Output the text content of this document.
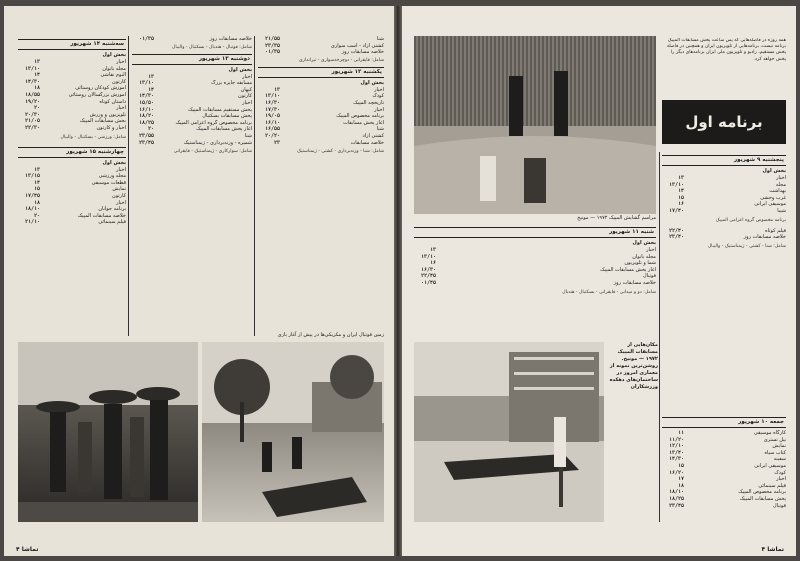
سه‌شنبه ۱۴ شهریور
بخش اول
اخبار
۱۳
مجله بانوان
۱۳/۱۰
آلبوم نقاشی
۱۴
کارتون
۱۴/۳۰
آموزش کودکان روستائی
۱۸
آموزش بزرگسالان روستائی
۱۸/۵۵
داستان کوتاه
۱۹/۲۰
اخبار
۲۰
تلویزیون و ورزش
۲۰/۳۰
بخش مسابقات المپیک
۲۱/۰۵
اخبار و کارتون
۲۲/۳۰
شامل: ورزشی - بسکتبال - والیبال
چهارشنبه ۱۵ شهریور
بخش اول
اخبار
۱۳
مجله ورزشی
۱۳/۱۵
قطعات موسیقی
۱۴
نمایش
۱۵
کارتون
۱۷/۴۵
اخبار
۱۸
برنامه جوانان
۱۸/۱۰
خلاصه مسابقات المپیک
۲۰
فیلم سینمائی
۲۱/۱۰
خلاصه مسابقات روز
۰۱/۳۵
شامل: فوتبال - هندبال - بسکتبال - والیبال
دوشنبه ۱۳ شهریور
بخش اول
اخبار
۱۳
مسابقه جایزه بزرگ
۱۳/۱۰
کیهان
۱۴
کارتون
۱۴/۳۰
اخبار
۱۵/۵۰
پخش مستقیم مسابقات المپیک
۱۶/۱۰
پخش مسابقات بسکتبال
۱۸/۲۰
برنامه مخصوص گروه اعزامی المپیک
۱۸/۲۵
آغاز پخش مسابقات المپیک
۲۰
شنا
۲۳/۵۵
شمیره - وزنه‌برداری - ژیمناستیک
۲۳/۴۵
شامل: سوارکاری - ژیمناستیک - قایقرانی
شنا
۲۱/۵۵
کشتی آزاد - اسب سواری
۲۳/۳۵
خلاصه مسابقات روز
۰۱/۳۵
شامل: قایقرانی - دوچرخه‌سواری - تیراندازی
یکشنبه ۱۲ شهریور
بخش اول
اخبار
۱۳
کودک
۱۳/۱۰
تاریخچه المپیک
۱۶/۳۰
اخبار
۱۷/۳۰
برنامه مخصوص المپیک
۱۹/۰۵
آغاز پخش مسابقات
۱۶/۱۰
شنا
۱۶/۵۵
کشتی آزاد
۲۰/۲۰
خلاصه مسابقات
۲۳
شامل: شنا - وزنه‌برداری - کشتی - ژیمناستیک
زمین فوتبال ایران و مکزیکی‌ها در پیش از آغاز بازی
تماشا ۴
مراسم گشایش المپیک ۱۹۷۲ — مونیخ
همه روزه در فاصله‌هایی که پس ساعت پخش مسابقات المپیک برنامه نیست، برنامه‌هایی از تلویزیون ایران و همچنین در فاصله پخش مستقیم، رادیو و تلویزیون ملی ایران برنامه‌های دیگر را پخش خواهد کرد.
برنامه اول
پنجشنبه ۹ شهریور
بخش اول
اخبار
۱۳
مجله
۱۳/۱۰
بهداشت
۱۴
غرب وحشی
۱۵
موسیقی ایرانی
۱۶
شیبا
۱۷/۴۰
برنامه مخصوص گروه اعزامی المپیک
فیلم کوتاه
۲۲/۴۰
خلاصه مسابقات روز
۲۳/۴۰
شامل: شنا - کشتی - ژیمناستیک - والیبال
شنبه ۱۱ شهریور
بخش اول
اخبار
۱۳
مجله بانوان
۱۳/۱۰
شما و تلویزیون
۱۶
آغاز پخش مسابقات المپیک
۱۶/۳۰
فوتبال
۲۲/۴۵
خلاصه مسابقات روز
۰۱/۴۵
شامل: دو و میدانی - قایقرانی - بسکتبال - هندبال
مکان‌هایی از مسابقات المپیک ۱۹۷۲ — مونیخ. روشن‌ترین نمونه از معماری امروز در ساختمان‌های دهکده ورزشکاران
جمعه ۱۰ شهریور
کارگاه موسیقی
۱۱
بیل تستری
۱۱/۲۰
نمایش
۱۲/۱۰
کتاب سیاه
۱۳/۴۰
سفینه
۱۴/۳۰
موسیقی ایرانی
۱۵
کودک
۱۶/۲۰
اخبار
۱۷
فیلم سینمائی
۱۸
برنامه مخصوص المپیک
۱۸/۱۰
پخش مسابقات المپیک
۱۸/۲۵
فوتبال
۲۳/۴۵
تماشا ۴
